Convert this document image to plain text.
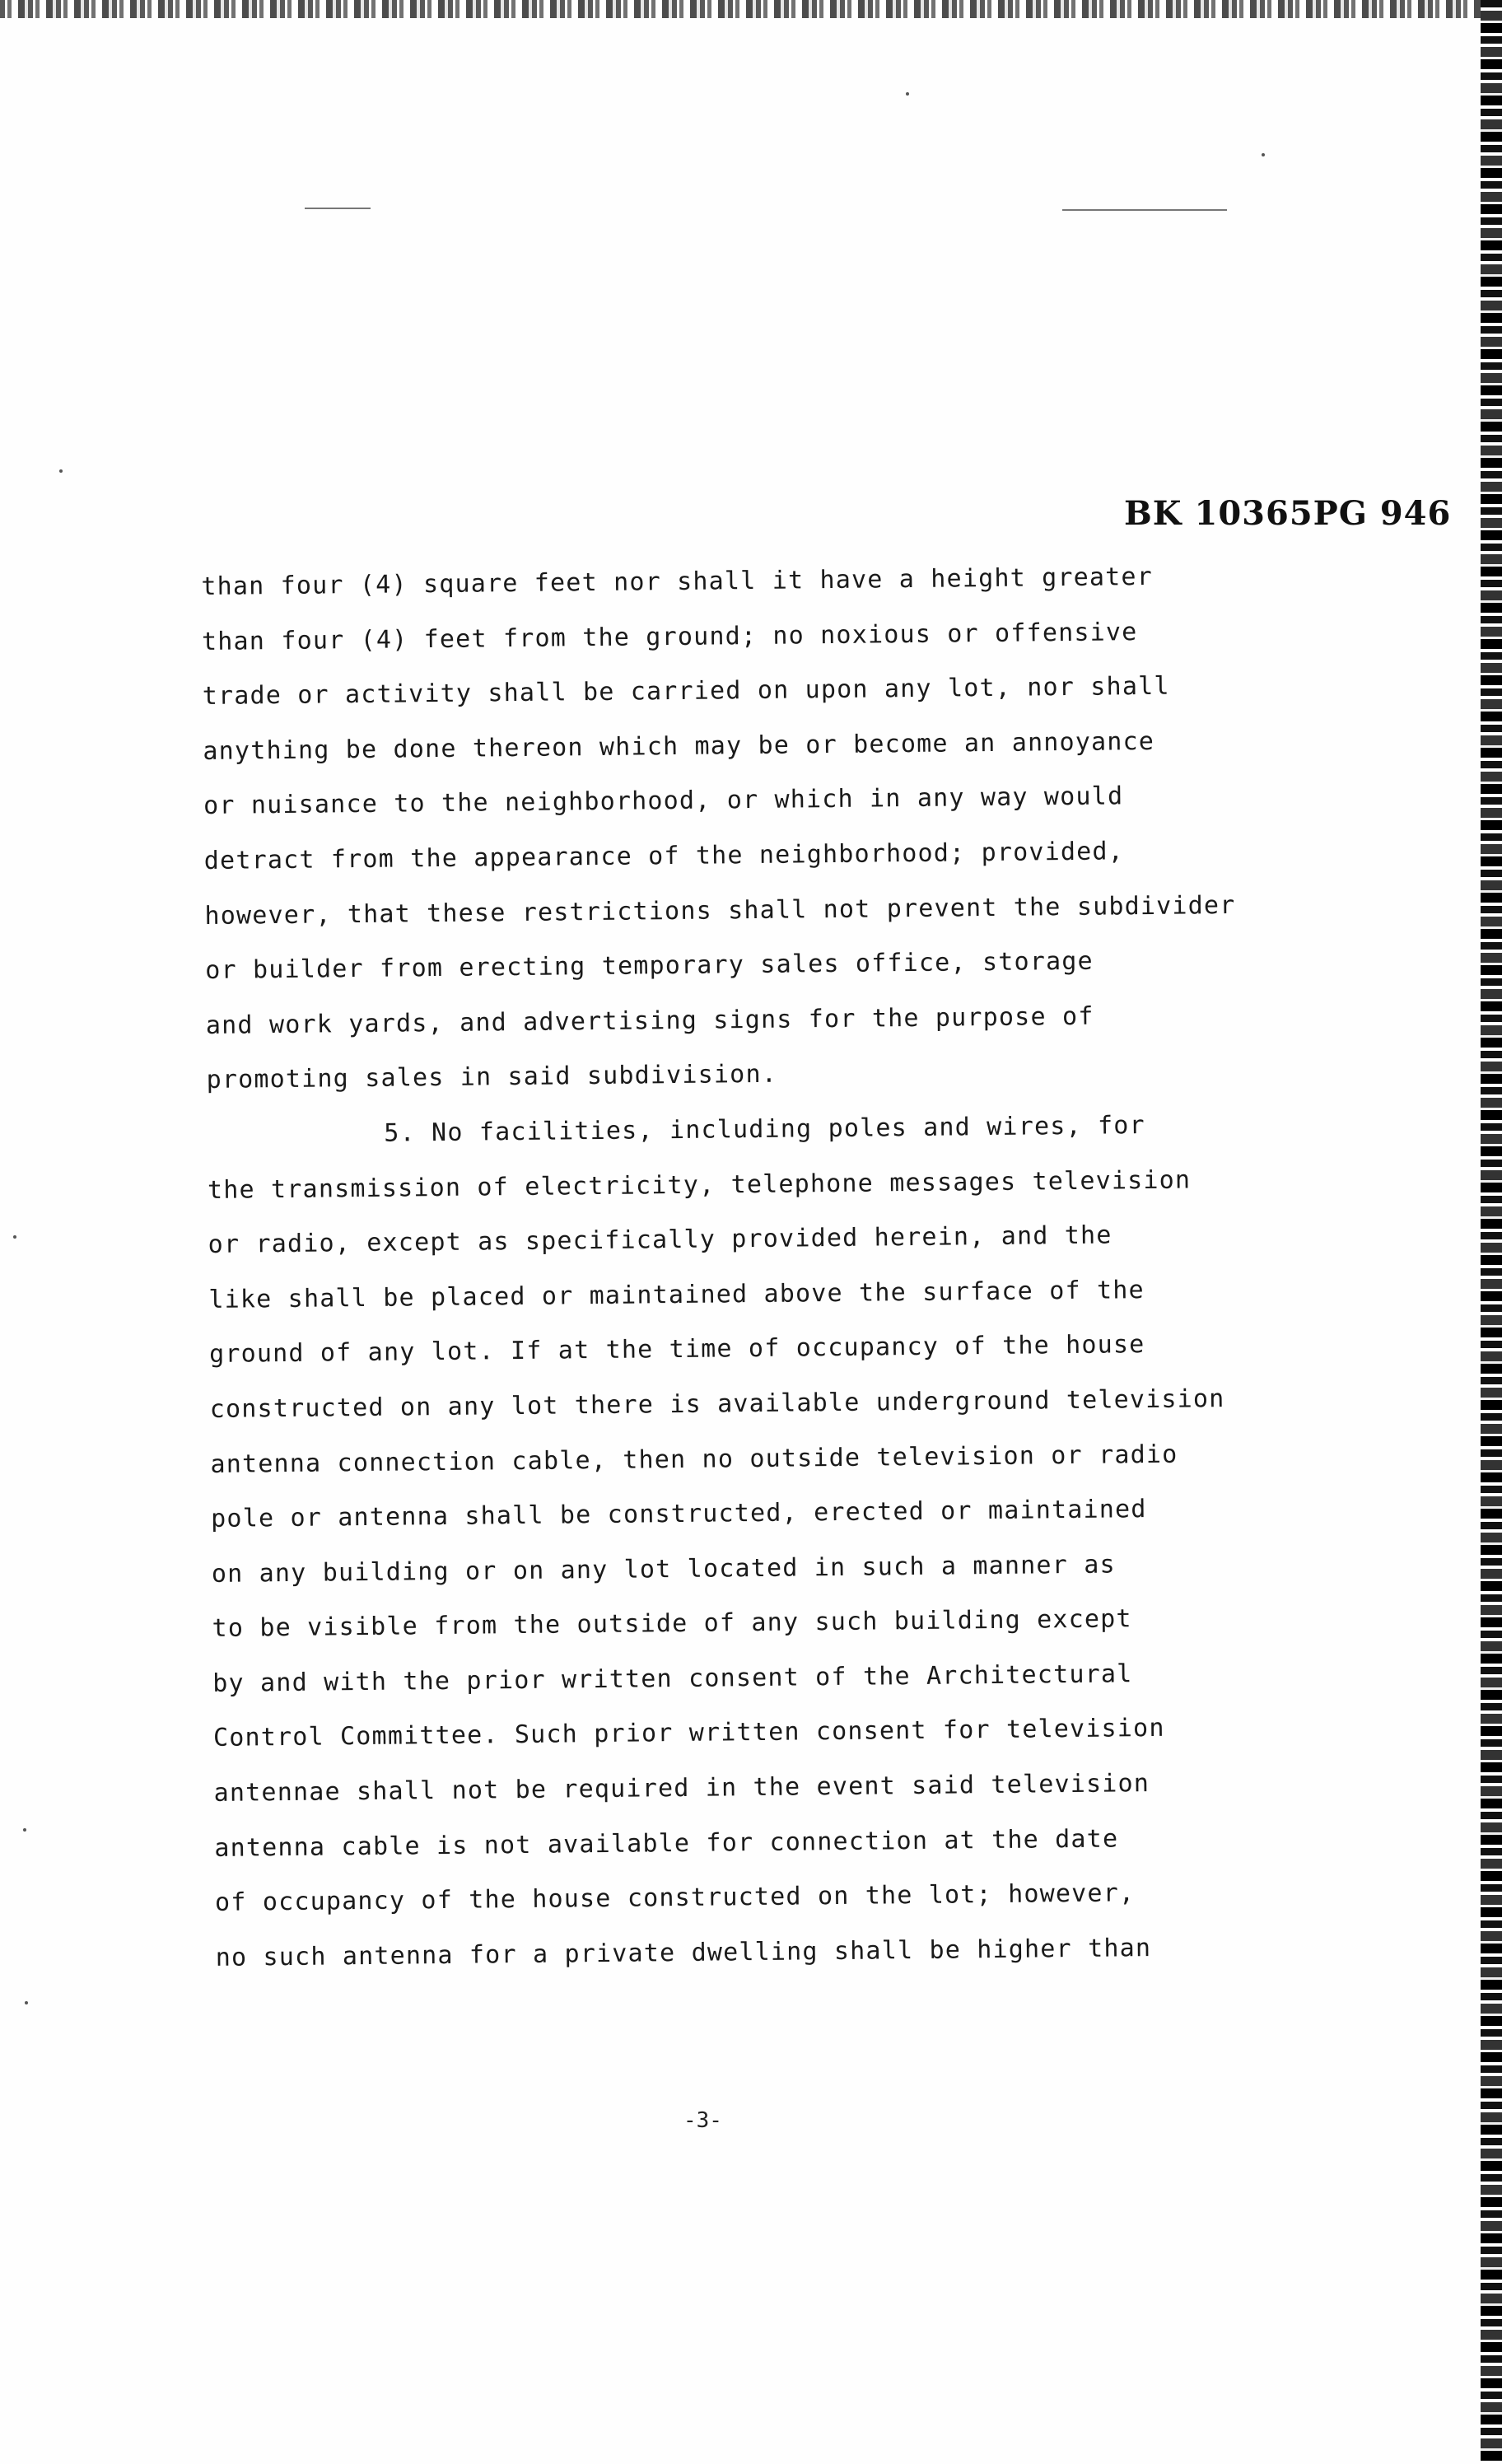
BK 10365PG 946
than four (4) square feet nor shall it have a height greater
than four (4) feet from the ground; no noxious or offensive
trade or activity shall be carried on upon any lot, nor shall
anything be done thereon which may be or become an annoyance
or nuisance to the neighborhood, or which in any way would
detract from the appearance of the neighborhood; provided,
however, that these restrictions shall not prevent the subdivider
or builder from erecting temporary sales office, storage
and work yards, and advertising signs for the purpose of
promoting sales in said subdivision.
5. No facilities, including poles and wires, for
the transmission of electricity, telephone messages television
or radio, except as specifically provided herein, and the
like shall be placed or maintained above the surface of the
ground of any lot. If at the time of occupancy of the house
constructed on any lot there is available underground television
antenna connection cable, then no outside television or radio
pole or antenna shall be constructed, erected or maintained
on any building or on any lot located in such a manner as
to be visible from the outside of any such building except
by and with the prior written consent of the Architectural
Control Committee. Such prior written consent for television
antennae shall not be required in the event said television
antenna cable is not available for connection at the date
of occupancy of the house constructed on the lot; however,
no such antenna for a private dwelling shall be higher than
-3-
